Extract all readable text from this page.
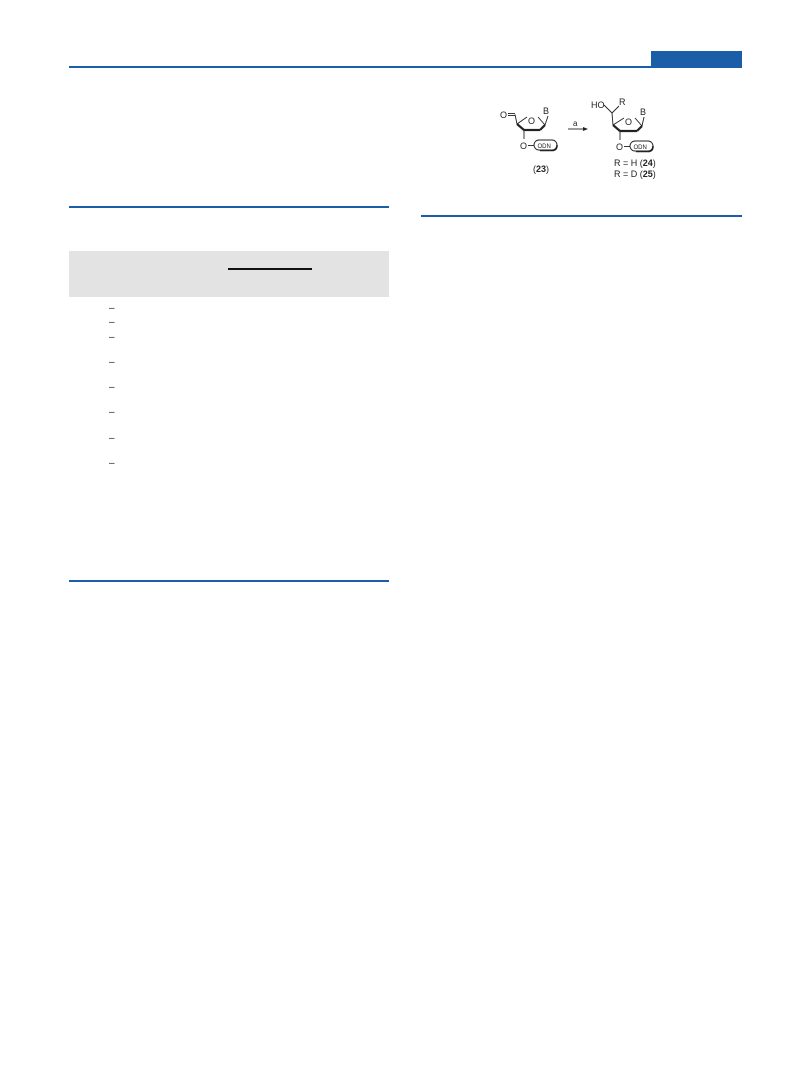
–
–
–
–
–
–
–
–
O
O
B
O ODN
(23)
a
HO R
O
B
O ODN
R = H (24)
R = D (25)
